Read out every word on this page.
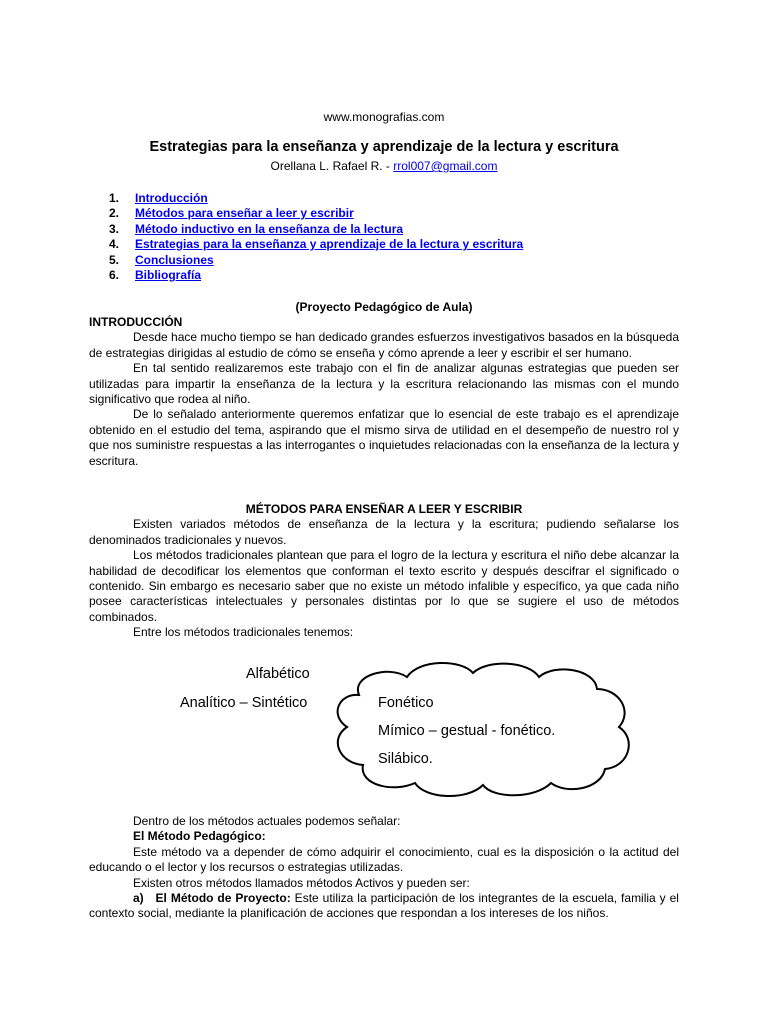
www.monografias.com
Estrategias para la enseñanza y aprendizaje de la lectura y escritura
Orellana L. Rafael R. - rrol007@gmail.com
1. Introducción
2. Métodos para enseñar a leer y escribir
3. Método inductivo en la enseñanza de la lectura
4. Estrategias para la enseñanza y aprendizaje de la lectura y escritura
5. Conclusiones
6. Bibliografía
(Proyecto Pedagógico de Aula)

INTRODUCCIÓN

Desde hace mucho tiempo se han dedicado grandes esfuerzos investigativos basados en la búsqueda de estrategias dirigidas al estudio de cómo se enseña y cómo aprende a leer y escribir el ser humano.

En tal sentido realizaremos este trabajo con el fin de analizar algunas estrategias que pueden ser utilizadas para impartir la enseñanza de la lectura y la escritura relacionando las mismas con el mundo significativo que rodea al niño.

De lo señalado anteriormente queremos enfatizar que lo esencial de este trabajo es el aprendizaje obtenido en el estudio del tema, aspirando que el mismo sirva de utilidad en el desempeño de nuestro rol y que nos suministre respuestas a las interrogantes o inquietudes relacionadas con la enseñanza de la lectura y escritura.

MÉTODOS PARA ENSEÑAR A LEER Y ESCRIBIR

Existen variados métodos de enseñanza de la lectura y la escritura; pudiendo señalarse los denominados tradicionales y nuevos.

Los métodos tradicionales plantean que para el logro de la lectura y escritura el niño debe alcanzar la habilidad de decodificar los elementos que conforman el texto escrito y después descifrar el significado o contenido. Sin embargo es necesario saber que no existe un método infalible y específico, ya que cada niño posee características intelectuales y personales distintas por lo que se sugiere el uso de métodos combinados.

Entre los métodos tradicionales tenemos:

Alfabético
Analítico – Sintético	Fonético
Mímico – gestual - fonético.
Silábico.

Dentro de los métodos actuales podemos señalar:

El Método Pedagógico:

Este método va a depender de cómo adquirir el conocimiento, cual es la disposición o la actitud del educando o el lector y los recursos o estrategias utilizadas.

Existen otros métodos llamados métodos Activos y pueden ser:

a) El Método de Proyecto: Este utiliza la participación de los integrantes de la escuela, familia y el contexto social, mediante la planificación de acciones que respondan a los intereses de los niños.
